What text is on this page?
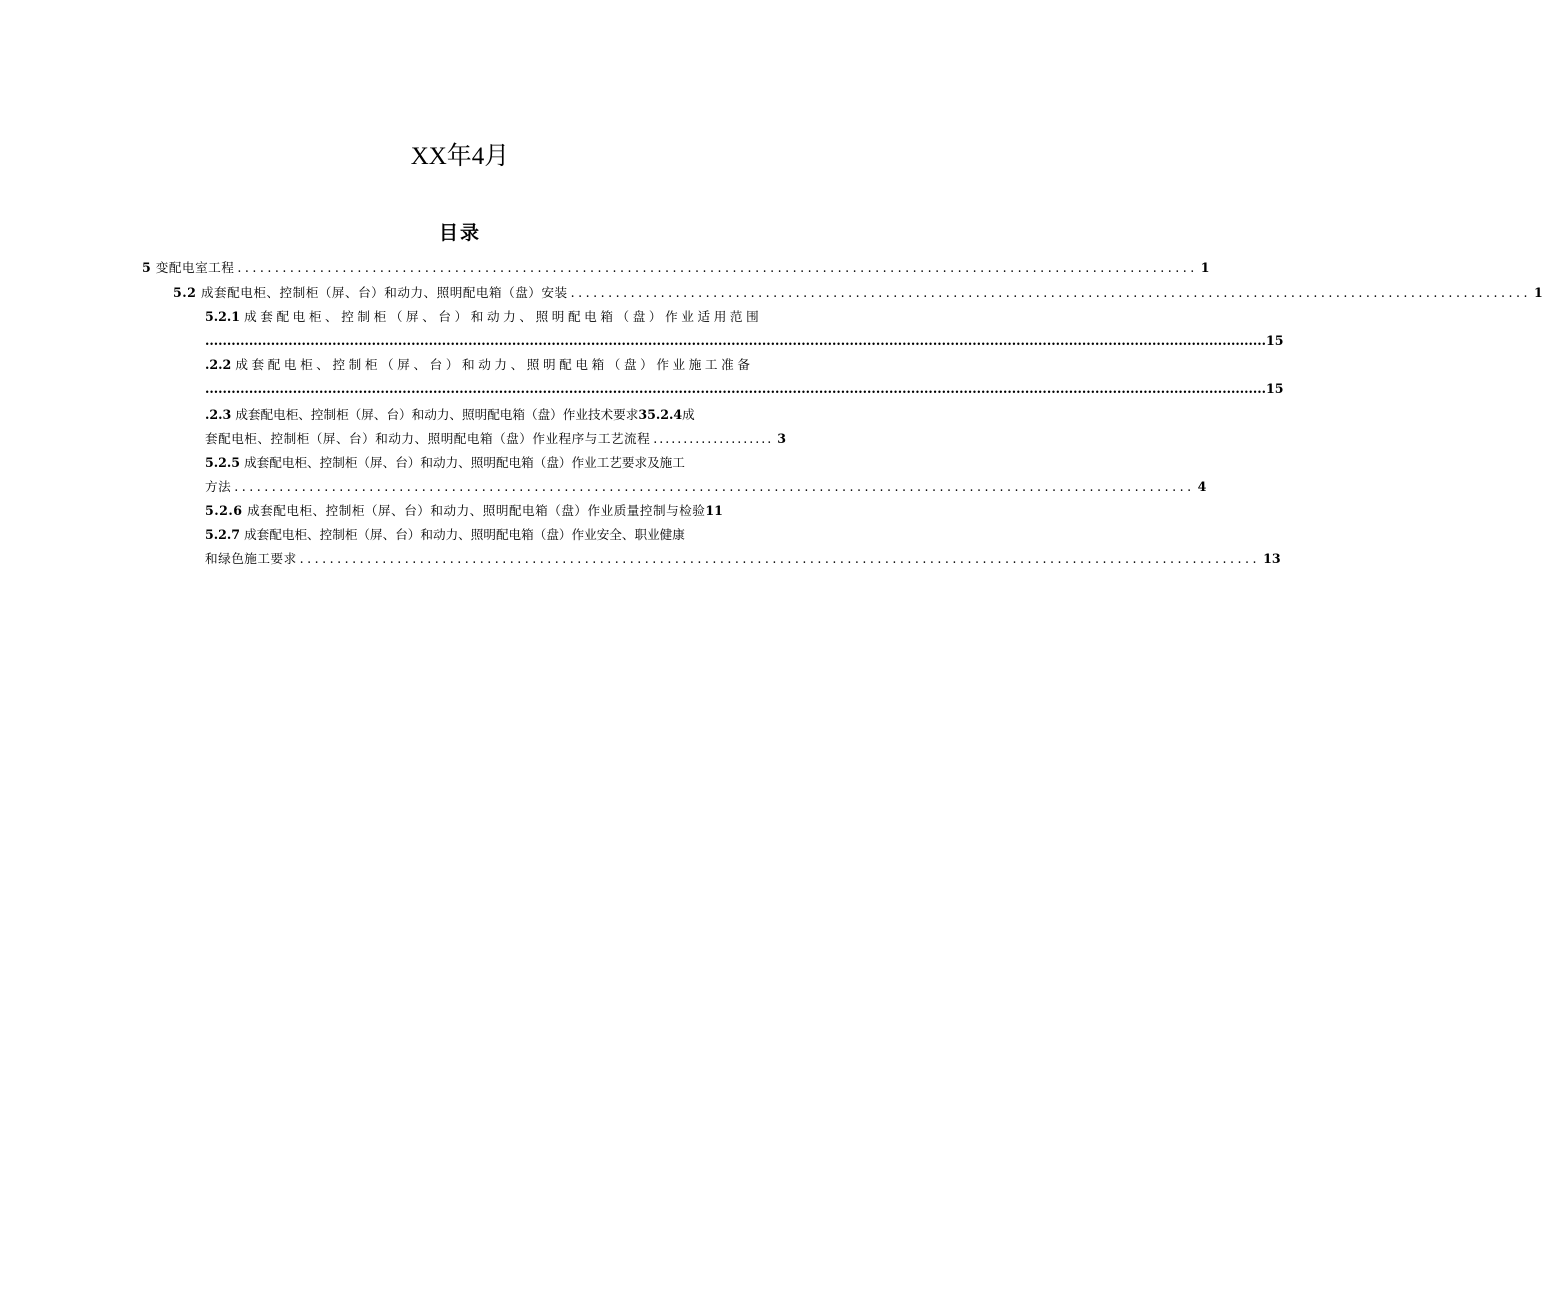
XX年4月
目录
5 变配电室工程 ................................................................................................................................ 1
5.2 成套配电柜、控制柜（屏、台）和动力、照明配电箱（盘）安装 ................................................................................................................................ 1
5.2.1 成套配电柜、控制柜（屏、台）和动力、照明配电箱（盘）作业适用范围
.................................................................................................................................................................................................................................................. 15
.2.2 成套配电柜、控制柜（屏、台）和动力、照明配电箱（盘）作业施工准备
.................................................................................................................................................................................................................................................. 15
.2.3 成套配电柜、控制柜（屏、台）和动力、照明配电箱（盘）作业技术要求35.2.4成
套配电柜、控制柜（屏、台）和动力、照明配电箱（盘）作业程序与工艺流程 .................... 3
5.2.5 成套配电柜、控制柜（屏、台）和动力、照明配电箱（盘）作业工艺要求及施工
方法 ................................................................................................................................ 4
5.2.6 成套配电柜、控制柜（屏、台）和动力、照明配电箱（盘）作业质量控制与检验 11
5.2.7 成套配电柜、控制柜（屏、台）和动力、照明配电箱（盘）作业安全、职业健康
和绿色施工要求 ................................................................................................................................ 13
